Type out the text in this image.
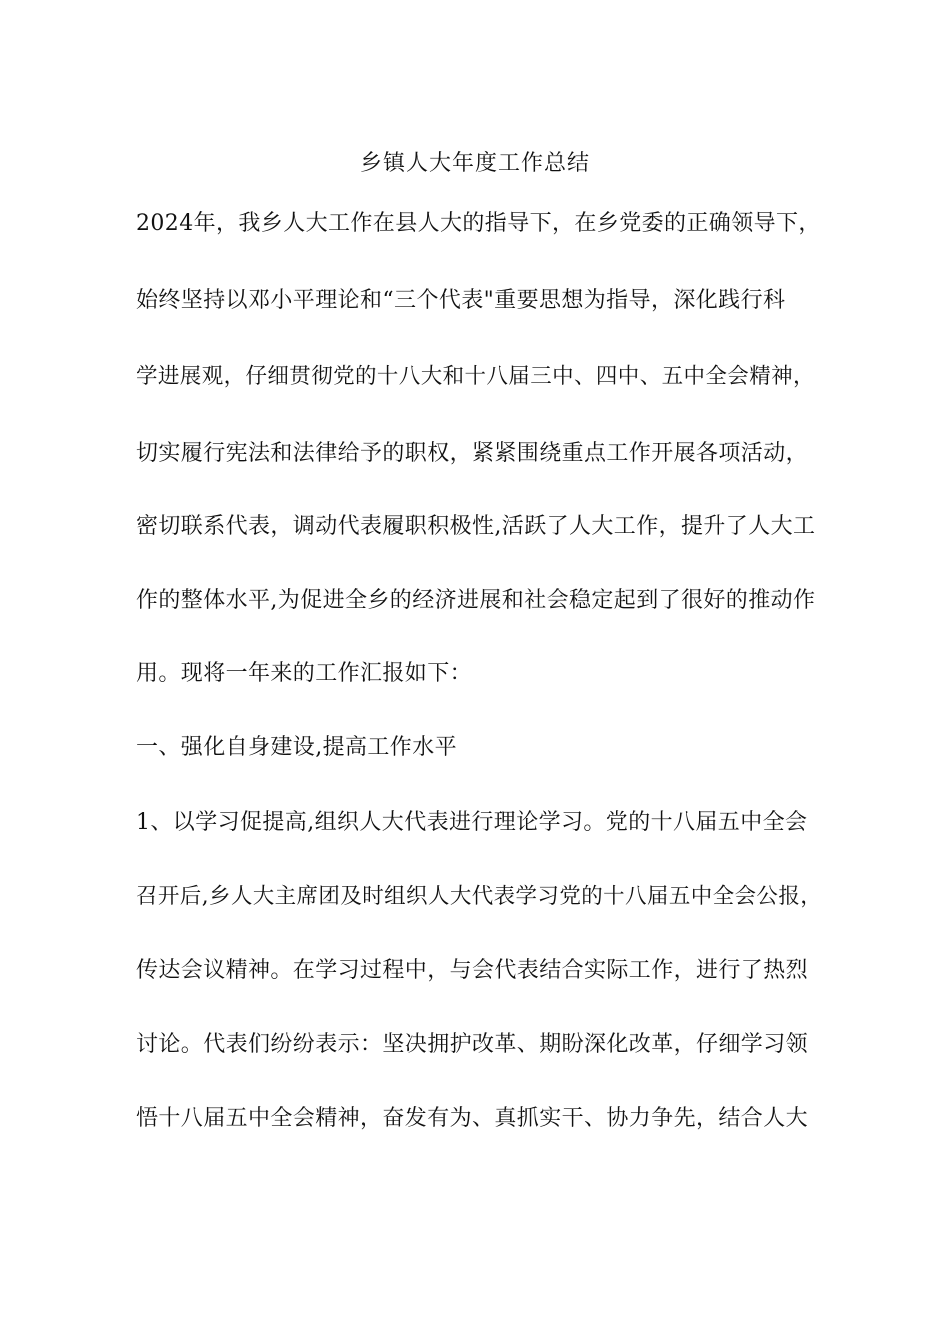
乡镇人大年度工作总结
2024年，我乡人大工作在县人大的指导下，在乡党委的正确领导下，
始终坚持以邓小平理论和“三个代表"重要思想为指导，深化践行科
学进展观，仔细贯彻党的十八大和十八届三中、四中、五中全会精神，
切实履行宪法和法律给予的职权，紧紧围绕重点工作开展各项活动，
密切联系代表，调动代表履职积极性,活跃了人大工作，提升了人大工
作的整体水平,为促进全乡的经济进展和社会稳定起到了很好的推动作
用。现将一年来的工作汇报如下：
一、强化自身建设,提高工作水平
1、以学习促提高,组织人大代表进行理论学习。党的十八届五中全会
召开后,乡人大主席团及时组织人大代表学习党的十八届五中全会公报，
传达会议精神。在学习过程中，与会代表结合实际工作，进行了热烈
讨论。代表们纷纷表示：坚决拥护改革、期盼深化改革，仔细学习领
悟十八届五中全会精神，奋发有为、真抓实干、协力争先，结合人大
